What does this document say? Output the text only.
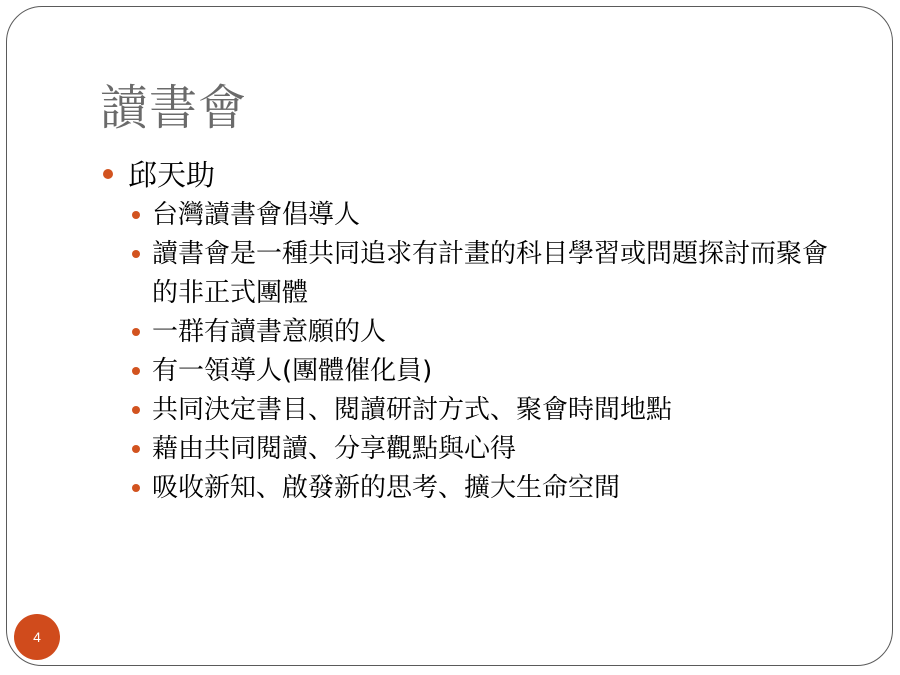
讀書會
邱天助
台灣讀書會倡導人
讀書會是一種共同追求有計畫的科目學習或問題探討而聚會的非正式團體
一群有讀書意願的人
有一領導人(團體催化員)
共同決定書目、閱讀研討方式、聚會時間地點
藉由共同閱讀、分享觀點與心得
吸收新知、啟發新的思考、擴大生命空間
4
